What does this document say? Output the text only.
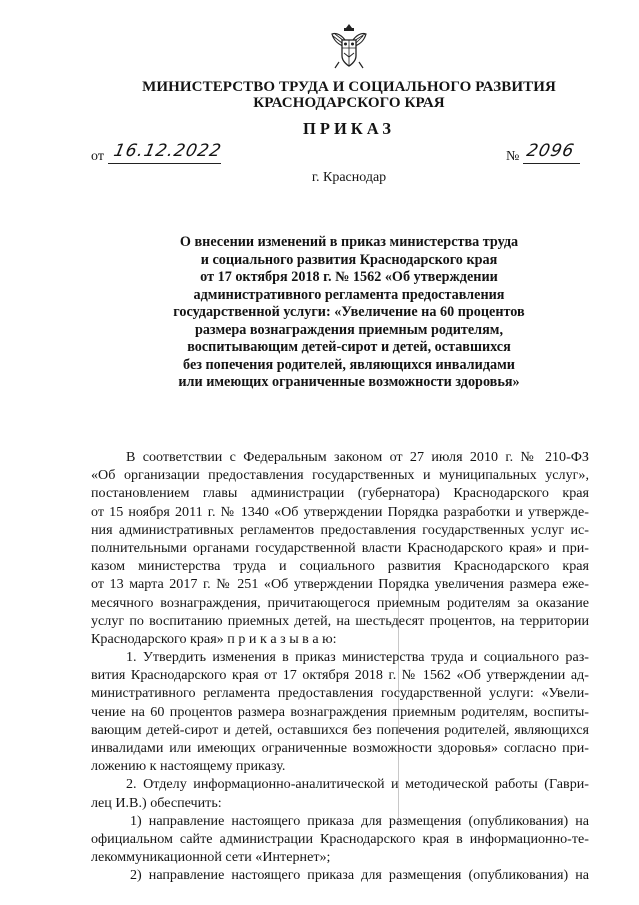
МИНИСТЕРСТВО ТРУДА И СОЦИАЛЬНОГО РАЗВИТИЯ
КРАСНОДАРСКОГО КРАЯ
ПРИКАЗ
от 16.12.2022	№ 2096
г. Краснодар
О внесении изменений в приказ министерства труда
и социального развития Краснодарского края
от 17 октября 2018 г. № 1562 «Об утверждении
административного регламента предоставления
государственной услуги: «Увеличение на 60 процентов
размера вознаграждения приемным родителям,
воспитывающим детей-сирот и детей, оставшихся
без попечения родителей, являющихся инвалидами
или имеющих ограниченные возможности здоровья»
В соответствии с Федеральным законом от 27 июля 2010 г. № 210-ФЗ
«Об организации предоставления государственных и муниципальных услуг»,
постановлением главы администрации (губернатора) Краснодарского края
от 15 ноября 2011 г. № 1340 «Об утверждении Порядка разработки и утвержде-
ния административных регламентов предоставления государственных услуг ис-
полнительными органами государственной власти Краснодарского края» и при-
казом министерства труда и социального развития Краснодарского края
от 13 марта 2017 г. № 251 «Об утверждении Порядка увеличения размера еже-
месячного вознаграждения, причитающегося приемным родителям за оказание
услуг по воспитанию приемных детей, на шестьдесят процентов, на территории
Краснодарского края» п р и к а з ы в а ю:
1. Утвердить изменения в приказ министерства труда и социального раз-
вития Краснодарского края от 17 октября 2018 г. № 1562 «Об утверждении ад-
министративного регламента предоставления государственной услуги: «Увели-
чение на 60 процентов размера вознаграждения приемным родителям, воспиты-
вающим детей-сирот и детей, оставшихся без попечения родителей, являющихся
инвалидами или имеющих ограниченные возможности здоровья» согласно при-
ложению к настоящему приказу.
2. Отделу информационно-аналитической и методической работы (Гаври-
лец И.В.) обеспечить:
1) направление настоящего приказа для размещения (опубликования) на
официальном сайте администрации Краснодарского края в информационно-те-
лекоммуникационной сети «Интернет»;
2) направление настоящего приказа для размещения (опубликования) на
